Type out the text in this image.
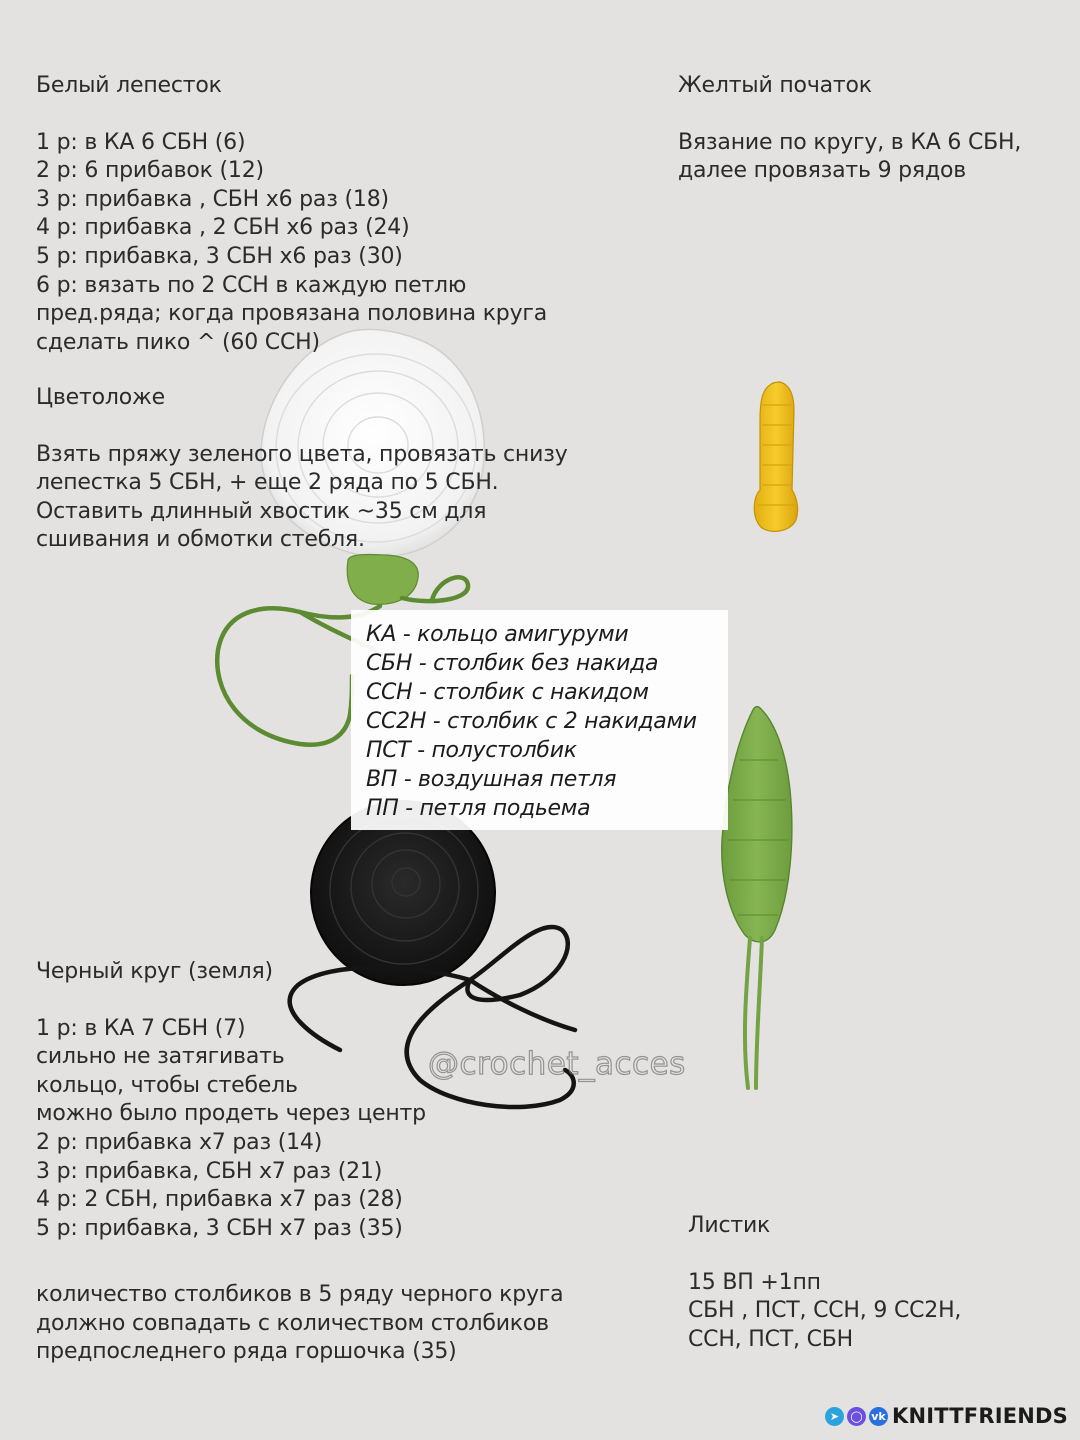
Белый лепесток
1 р: в КА 6 СБН (6)
2 р: 6 прибавок (12)
3 р: прибавка , СБН х6 раз (18)
4 р: прибавка , 2 СБН х6 раз (24)
5 р: прибавка, 3 СБН х6 раз (30)
6 р: вязать по 2 ССН в каждую петлю
пред.ряда; когда провязана половина круга
сделать пико ^ (60 ССН)
Цветоложе
Взять пряжу зеленого цвета, провязать снизу
лепестка 5 СБН, + еще 2 ряда по 5 СБН.
Оставить длинный хвостик ~35 см для
сшивания и обмотки стебля.
Желтый початок
Вязание по кругу, в КА 6 СБН,
далее провязать 9 рядов
КА - кольцо амигуруми
СБН - столбик без накида
ССН - столбик с накидом
СС2Н - столбик с 2 накидами
ПСТ - полустолбик
ВП - воздушная петля
ПП - петля подьема
Черный круг (земля)
1 р: в КА 7 СБН (7)
сильно не затягивать
кольцо, чтобы стебель
можно было продеть через центр
2 р: прибавка х7 раз (14)
3 р: прибавка, СБН х7 раз (21)
4 р: 2 СБН, прибавка х7 раз (28)
5 р: прибавка, 3 СБН х7 раз (35)
количество столбиков в 5 ряду черного круга
должно совпадать с количеством столбиков
предпоследнего ряда горшочка (35)
Листик
15 ВП +1пп
СБН , ПСТ, ССН, 9 СС2Н,
ССН, ПСТ, СБН
@crochet_acces
➤	◯ vk KNITTFRIENDS
